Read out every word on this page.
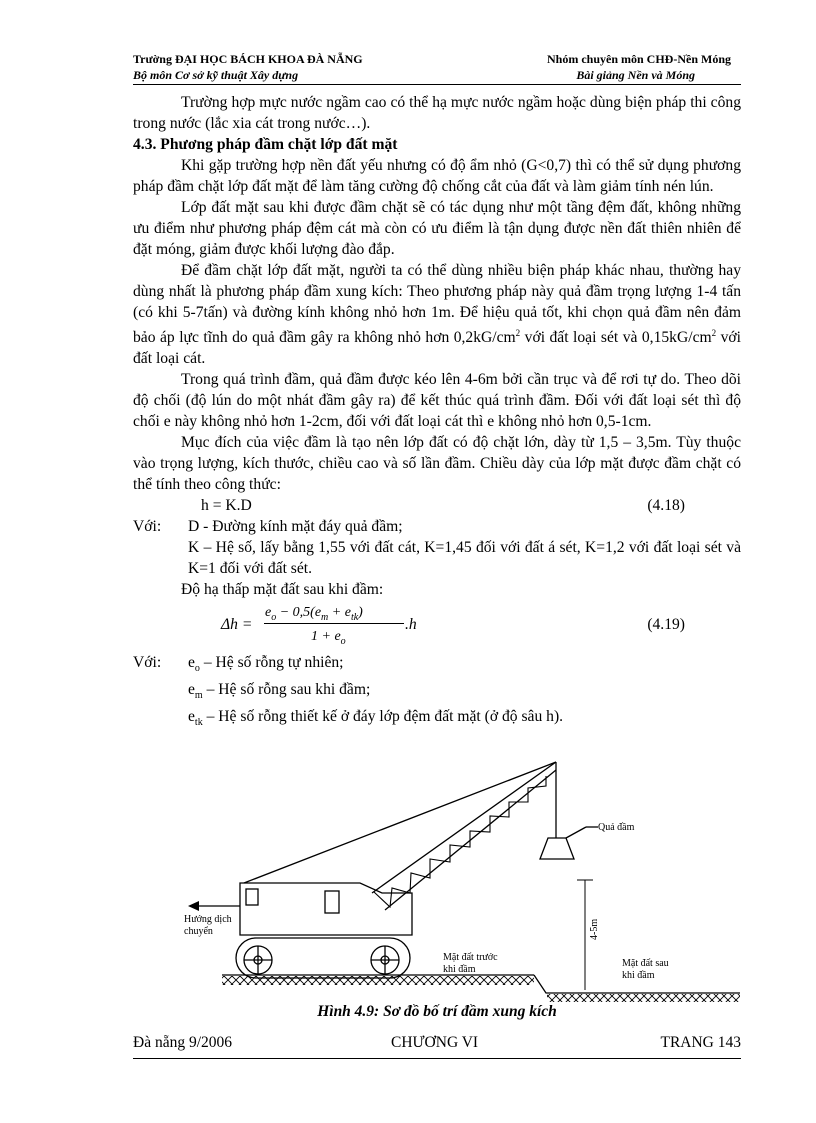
Trường ĐẠI HỌC BÁCH KHOA ĐÀ NẴNG	Nhóm chuyên môn CHĐ-Nền Móng
Bộ môn Cơ sở kỹ thuật Xây dựng	Bài giảng Nền và Móng

Trường hợp mực nước ngầm cao có thể hạ mực nước ngầm hoặc dùng biện pháp thi công trong nước (lắc xia cát trong nước…).

4.3. Phương pháp đầm chặt lớp đất mặt

Khi gặp trường hợp nền đất yếu nhưng có độ ẩm nhỏ (G<0,7) thì có thể sử dụng phương pháp đầm chặt lớp đất mặt để làm tăng cường độ chống cắt của đất và làm giảm tính nén lún.

Lớp đất mặt sau khi được đầm chặt sẽ có tác dụng như một tầng đệm đất, không những ưu điểm như phương pháp đệm cát mà còn có ưu điểm là tận dụng được nền đất thiên nhiên để đặt móng, giảm được khối lượng đào đắp.

Để đầm chặt lớp đất mặt, người ta có thể dùng nhiều biện pháp khác nhau, thường hay dùng nhất là phương pháp đầm xung kích: Theo phương pháp này quả đầm trọng lượng 1-4 tấn (có khi 5-7tấn) và đường kính không nhỏ hơn 1m. Để hiệu quả tốt, khi chọn quả đầm nên đảm bảo áp lực tĩnh do quả đầm gây ra không nhỏ hơn $0,2kG/cm^2$ với đất loại sét và $0,15kG/cm^2$ với đất loại cát.

Trong quá trình đầm, quả đầm được kéo lên 4-6m bởi cần trục và để rơi tự do. Theo dõi độ chối (độ lún do một nhát đầm gây ra) để kết thúc quá trình đầm. Đối với đất loại sét thì độ chối e này không nhỏ hơn 1-2cm, đối với đất loại cát thì e không nhỏ hơn 0,5-1cm.

Mục đích của việc đầm là tạo nên lớp đất có độ chặt lớn, dày từ 1,5 – 3,5m. Tùy thuộc vào trọng lượng, kích thước, chiều cao và số lần đầm. Chiều dày của lớp mặt được đầm chặt có thể tính theo công thức:

h = K.D	(4.18)

Với: D - Đường kính mặt đáy quả đầm;

K – Hệ số, lấy bằng 1,55 với đất cát, K=1,45 đối với đất á sét, K=1,2 với đất loại sét và K=1 đối với đất sét.

Độ hạ thấp mặt đất sau khi đầm:

Δh =
$e_o - 0,5(e_m + e_{tk})$
$1 + e_o$
.h	(4.19)

Với: $e_o$ – Hệ số rỗng tự nhiên;

$e_m$ – Hệ số rỗng sau khi đầm;

$e_{tk}$ – Hệ số rỗng thiết kế ở đáy lớp đệm đất mặt (ở độ sâu h).

Quả đầm
Hướng dịch
chuyển
Mặt đất trước
khi đầm
Mặt đất sau
khi đầm
4-5m
Hình 4.9: Sơ đồ bố trí đầm xung kích
Đà nẵng 9/2006	CHƯƠNG VI	TRANG 143
